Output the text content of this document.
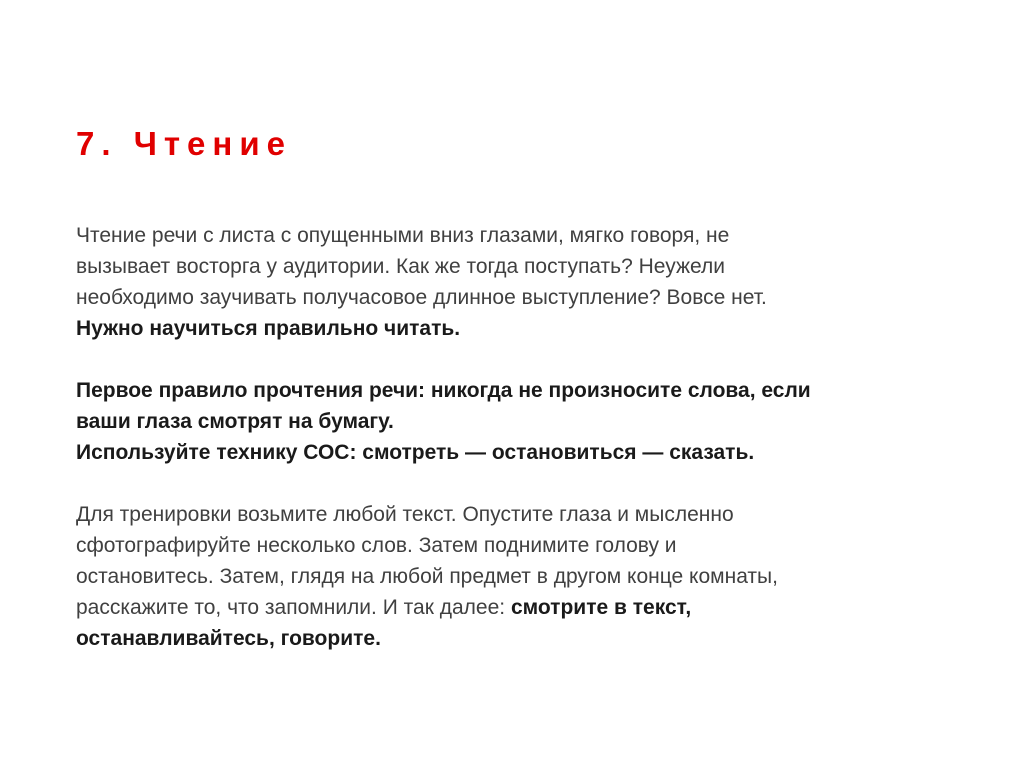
7. Чтение

Чтение речи с листа с опущенными вниз глазами, мягко говоря, не
вызывает восторга у аудитории. Как же тогда поступать? Неужели
необходимо заучивать получасовое длинное выступление? Вовсе нет.
Нужно научиться правильно читать.

Первое правило прочтения речи: никогда не произносите слова, если
ваши глаза смотрят на бумагу.
Используйте технику СОС: смотреть — остановиться — сказать.

Для тренировки возьмите любой текст. Опустите глаза и мысленно
сфотографируйте несколько слов. Затем поднимите голову и
остановитесь. Затем, глядя на любой предмет в другом конце комнаты,
расскажите то, что запомнили. И так далее: смотрите в текст,
останавливайтесь, говорите.
